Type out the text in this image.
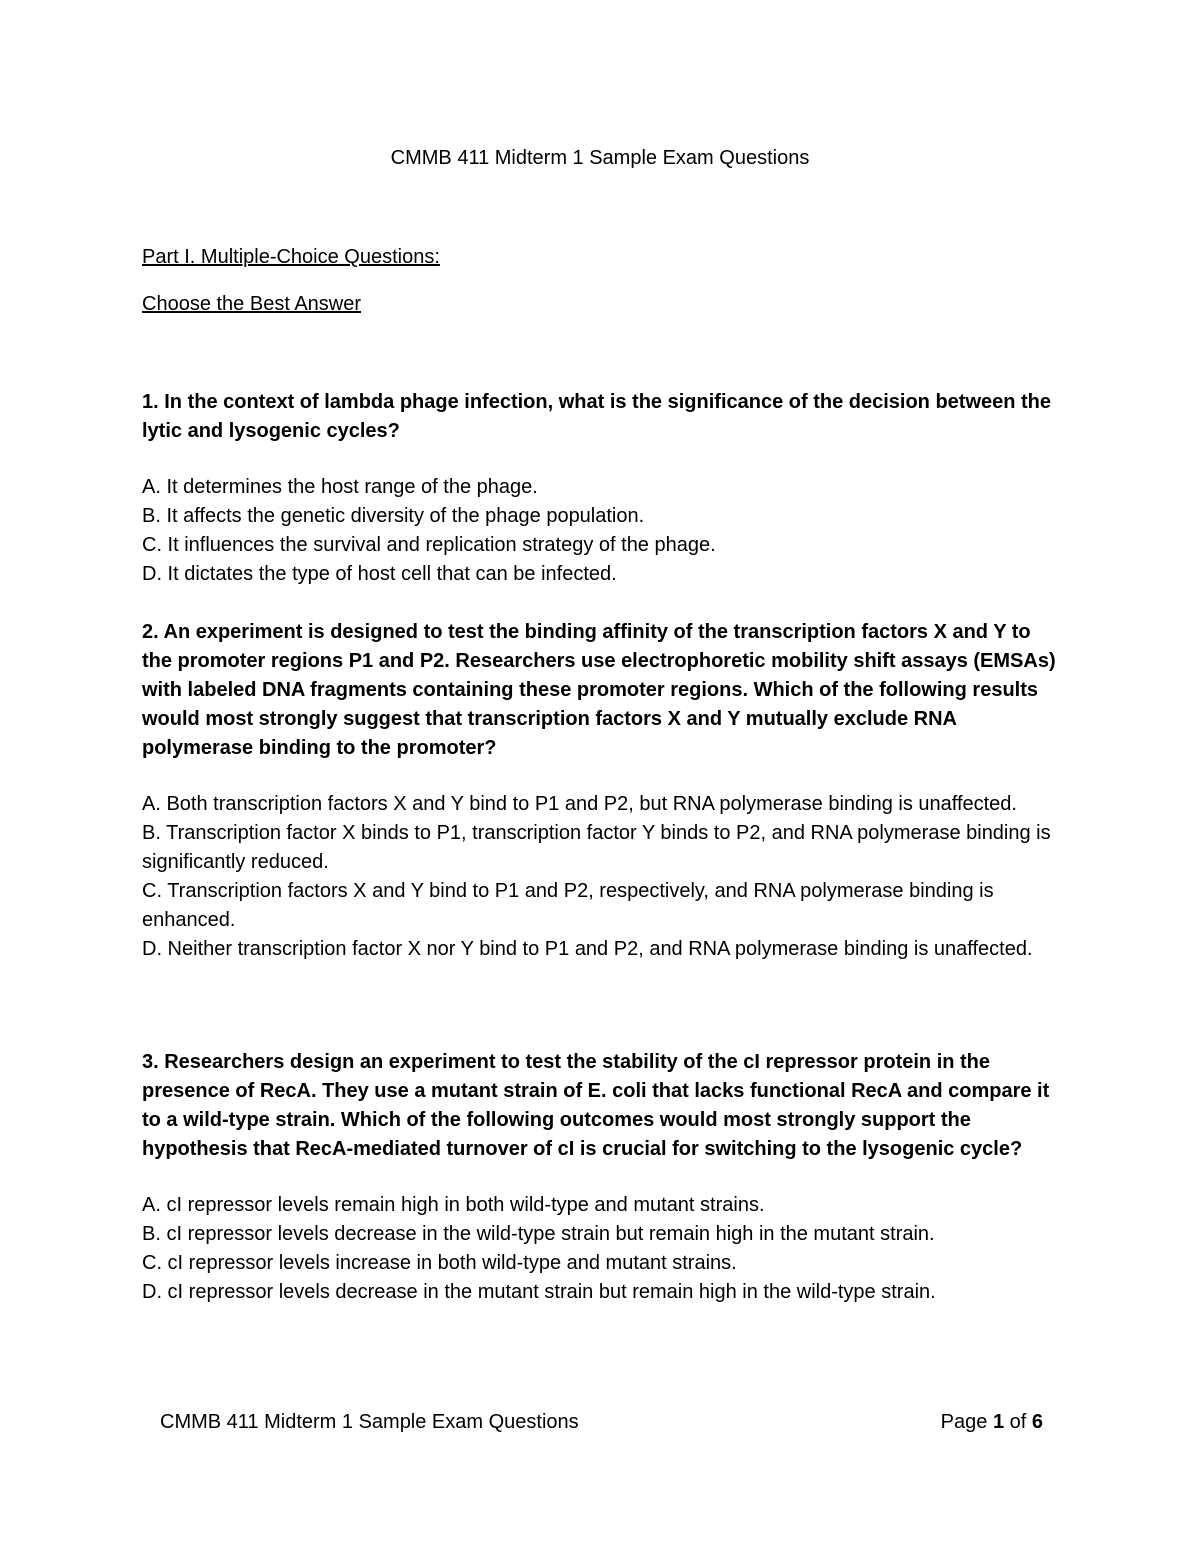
CMMB 411 Midterm 1 Sample Exam Questions
Part I. Multiple-Choice Questions:
Choose the Best Answer

1. In the context of lambda phage infection, what is the significance of the decision between the lytic and lysogenic cycles?

A. It determines the host range of the phage.
B. It affects the genetic diversity of the phage population.
C. It influences the survival and replication strategy of the phage.
D. It dictates the type of host cell that can be infected.

2. An experiment is designed to test the binding affinity of the transcription factors X and Y to the promoter regions P1 and P2. Researchers use electrophoretic mobility shift assays (EMSAs) with labeled DNA fragments containing these promoter regions. Which of the following results would most strongly suggest that transcription factors X and Y mutually exclude RNA polymerase binding to the promoter?

A. Both transcription factors X and Y bind to P1 and P2, but RNA polymerase binding is unaffected.
B. Transcription factor X binds to P1, transcription factor Y binds to P2, and RNA polymerase binding is significantly reduced.
C. Transcription factors X and Y bind to P1 and P2, respectively, and RNA polymerase binding is enhanced.
D. Neither transcription factor X nor Y bind to P1 and P2, and RNA polymerase binding is unaffected.

3. Researchers design an experiment to test the stability of the cI repressor protein in the presence of RecA. They use a mutant strain of E. coli that lacks functional RecA and compare it to a wild-type strain. Which of the following outcomes would most strongly support the hypothesis that RecA-mediated turnover of cI is crucial for switching to the lysogenic cycle?

A. cI repressor levels remain high in both wild-type and mutant strains.
B. cI repressor levels decrease in the wild-type strain but remain high in the mutant strain.
C. cI repressor levels increase in both wild-type and mutant strains.
D. cI repressor levels decrease in the mutant strain but remain high in the wild-type strain.
CMMB 411 Midterm 1 Sample Exam Questions	Page 1 of 6
